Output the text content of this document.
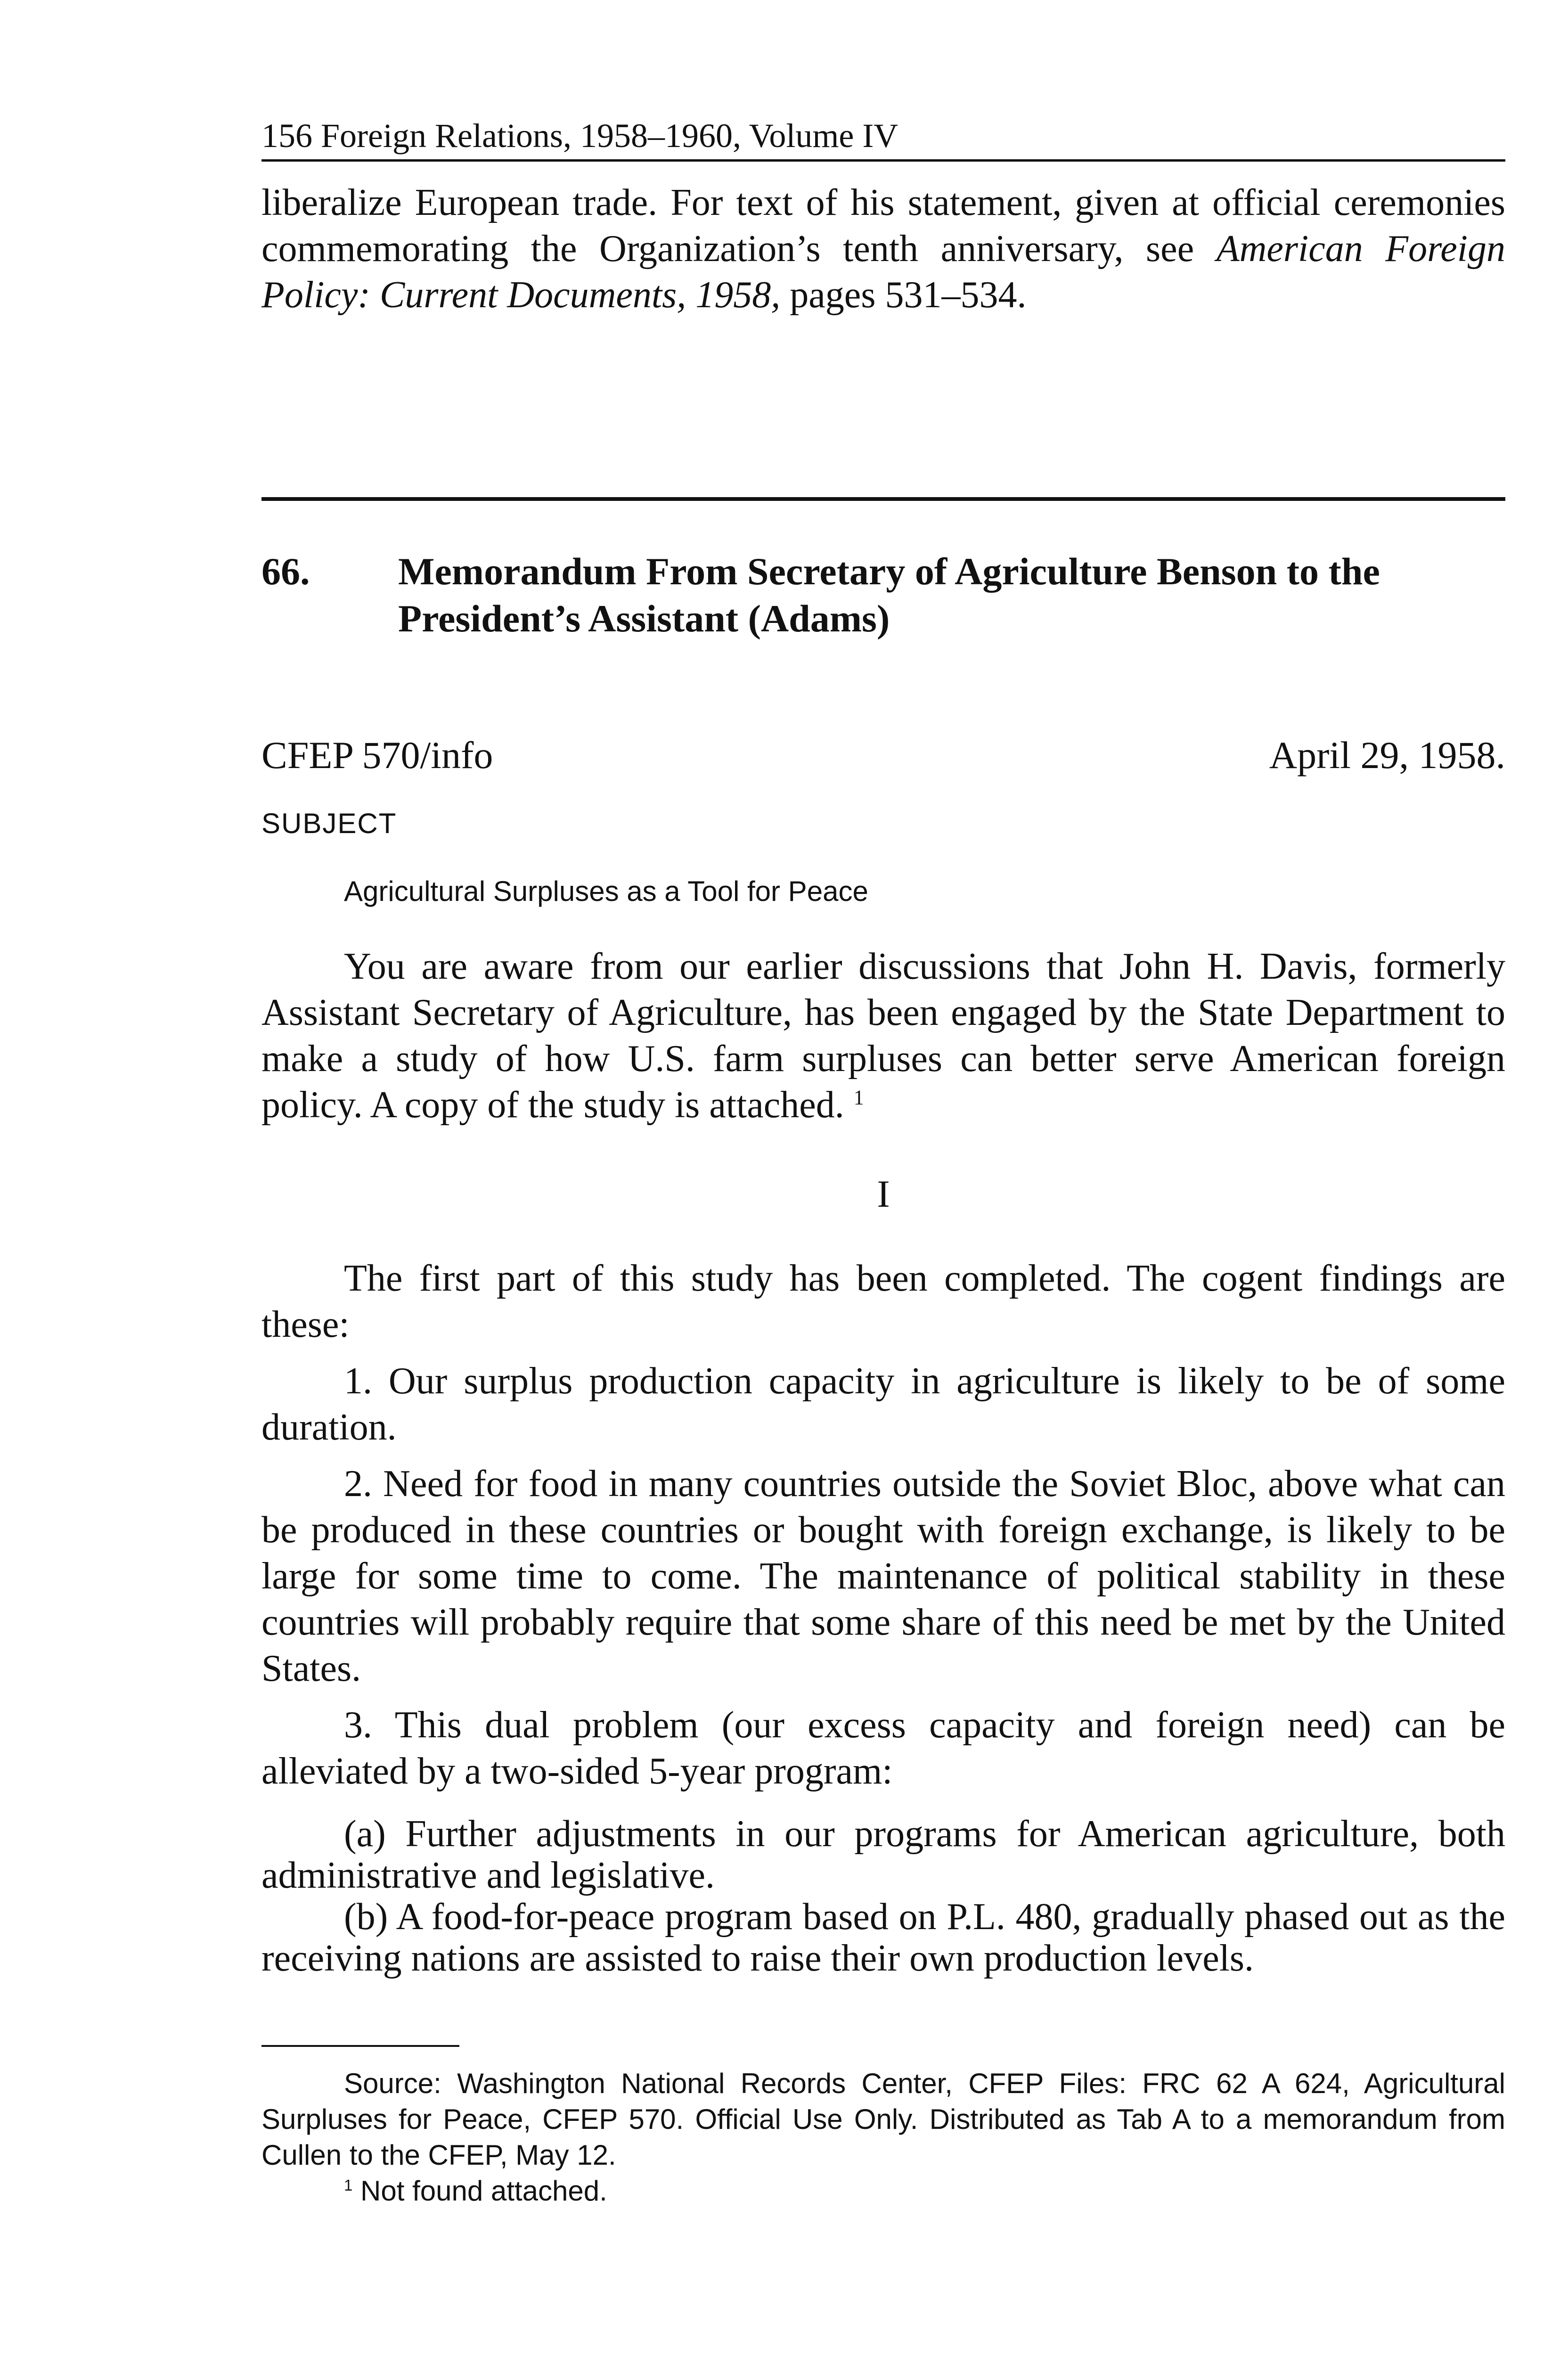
156 Foreign Relations, 1958–1960, Volume IV

liberalize European trade. For text of his statement, given at official ceremonies commemorating the Organization’s tenth anniversary, see American Foreign Policy: Current Documents, 1958, pages 531–534.

66.	Memorandum From Secretary of Agriculture Benson to the President’s Assistant (Adams)
CFEP 570/info	April 29, 1958.
SUBJECT
Agricultural Surpluses as a Tool for Peace

You are aware from our earlier discussions that John H. Davis, formerly Assistant Secretary of Agriculture, has been engaged by the State Department to make a study of how U.S. farm surpluses can better serve American foreign policy. A copy of the study is attached. $^1$

I

The first part of this study has been completed. The cogent findings are these:

1. Our surplus production capacity in agriculture is likely to be of some duration.

2. Need for food in many countries outside the Soviet Bloc, above what can be produced in these countries or bought with foreign exchange, is likely to be large for some time to come. The maintenance of political stability in these countries will probably require that some share of this need be met by the United States.

3. This dual problem (our excess capacity and foreign need) can be alleviated by a two-sided 5-year program:

(a) Further adjustments in our programs for American agriculture, both administrative and legislative.

(b) A food-for-peace program based on P.L. 480, gradually phased out as the receiving nations are assisted to raise their own production levels.

Source: Washington National Records Center, CFEP Files: FRC 62 A 624, Agricultural Surpluses for Peace, CFEP 570. Official Use Only. Distributed as Tab A to a memorandum from Cullen to the CFEP, May 12.

$^1$ Not found attached.
